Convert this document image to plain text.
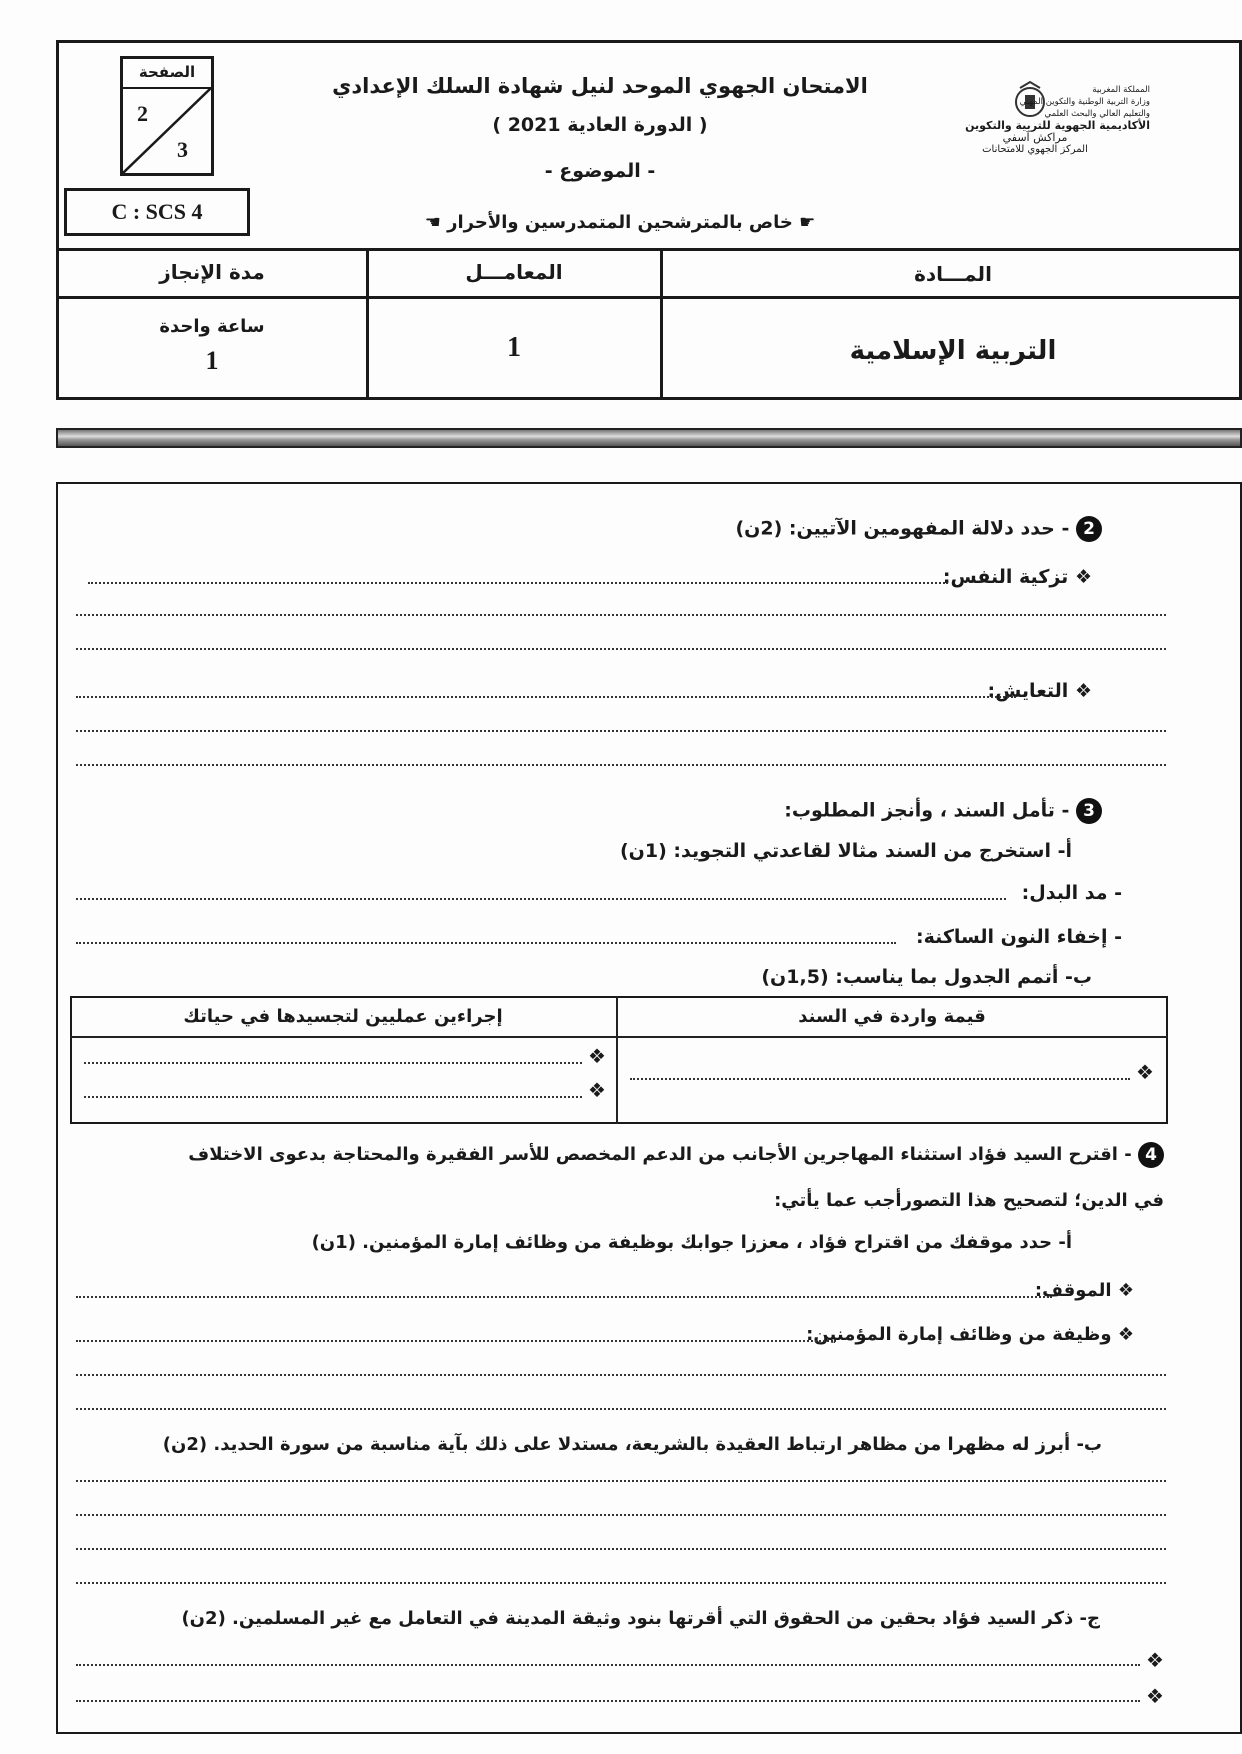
الصفحة
2
3
C : SCS 4
الامتحان الجهوي الموحد لنيل شهادة السلك الإعدادي
( الدورة العادية 2021 )
- الموضوع -
☛ خاص بالمترشحين المتمدرسين والأحرار ☚
المملكة المغربية
وزارة التربية الوطنية والتكوين المهني
والتعليم العالي والبحث العلمي
الأكاديمية الجهوية للتربية والتكوين
مراكش آسفي
المركز الجهوي للامتحانات
المـــادة
المعامـــل
مدة الإنجاز
التربية الإسلامية
1
ساعة واحدة
1
2 - حدد دلالة المفهومين الآتيين: (2ن)
❖ تزكية النفس:
❖ التعايش:
3 - تأمل السند ، وأنجز المطلوب:
أ- استخرج من السند مثالا لقاعدتي التجويد: (1ن)
- مد البدل:
- إخفاء النون الساكنة:
ب- أتمم الجدول بما يناسب: (1,5ن)
قيمة واردة في السند
إجراءين عمليين لتجسيدها في حياتك
❖
❖
❖
4 - اقترح السيد فؤاد استثناء المهاجرين الأجانب من الدعم المخصص للأسر الفقيرة والمحتاجة بدعوى الاختلاف
في الدين؛ لتصحيح هذا التصورأجب عما يأتي:
أ- حدد موقفك من اقتراح فؤاد ، معززا جوابك بوظيفة من وظائف إمارة المؤمنين. (1ن)
❖ الموقف:
❖ وظيفة من وظائف إمارة المؤمنين:
ب- أبرز له مظهرا من مظاهر ارتباط العقيدة بالشريعة، مستدلا على ذلك بآية مناسبة من سورة الحديد. (2ن)
ج- ذكر السيد فؤاد بحقين من الحقوق التي أقرتها بنود وثيقة المدينة في التعامل مع غير المسلمين. (2ن)
❖
❖
